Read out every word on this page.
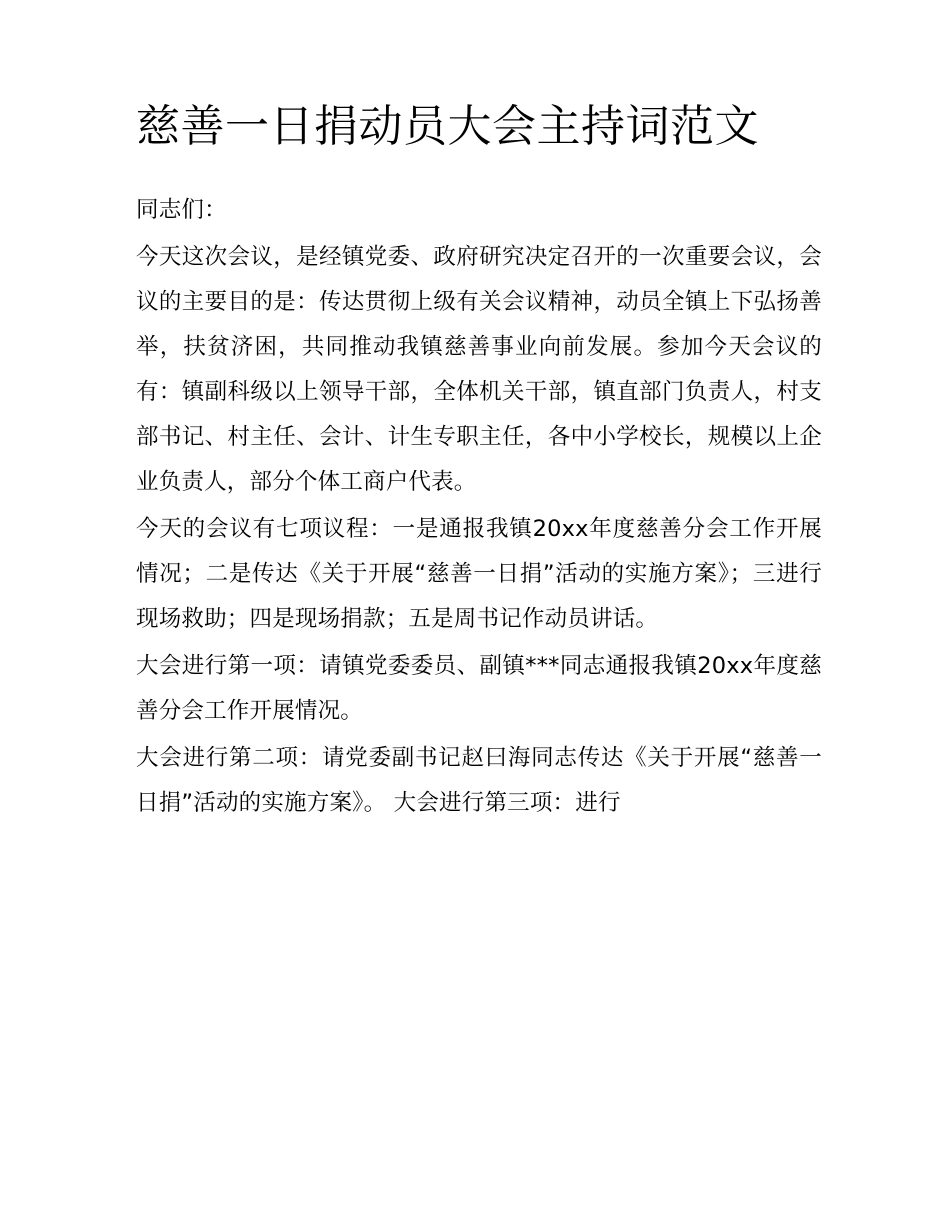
慈善一日捐动员大会主持词范文

同志们：

今天这次会议，是经镇党委、政府研究决定召开的一次重要会议，会议的主要目的是：传达贯彻上级有关会议精神，动员全镇上下弘扬善举，扶贫济困，共同推动我镇慈善事业向前发展。参加今天会议的有：镇副科级以上领导干部，全体机关干部，镇直部门负责人，村支部书记、村主任、会计、计生专职主任，各中小学校长，规模以上企业负责人，部分个体工商户代表。

今天的会议有七项议程：一是通报我镇20xx年度慈善分会工作开展情况；二是传达《关于开展“慈善一日捐”活动的实施方案》；三进行现场救助；四是现场捐款；五是周书记作动员讲话。

大会进行第一项：请镇党委委员、副镇***同志通报我镇20xx年度慈善分会工作开展情况。

大会进行第二项：请党委副书记赵曰海同志传达《关于开展“慈善一日捐”活动的实施方案》。 大会进行第三项：进行
